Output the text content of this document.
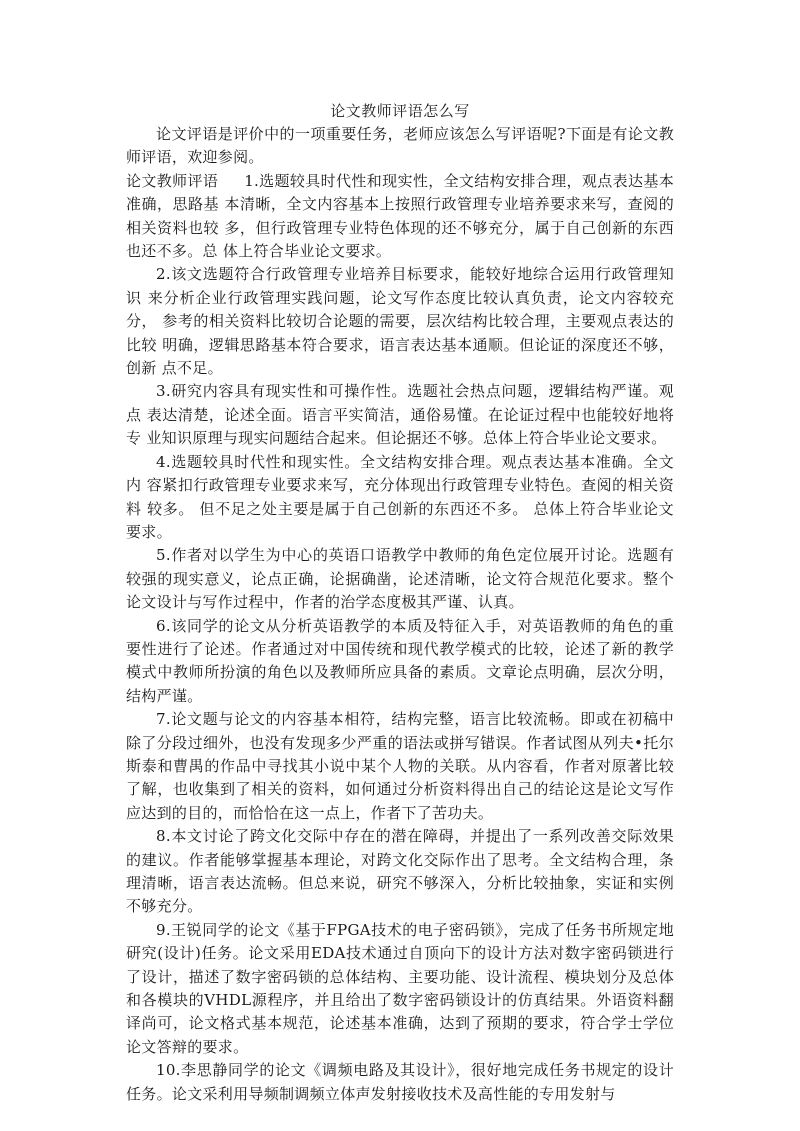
论文教师评语怎么写

论文评语是评价中的一项重要任务，老师应该怎么写评语呢?下面是有论文教师评语，欢迎参阅。

论文教师评语 1.选题较具时代性和现实性，全文结构安排合理，观点表达基本准确，思路基 本清晰，全文内容基本上按照行政管理专业培养要求来写，查阅的相关资料也较 多，但行政管理专业特色体现的还不够充分，属于自己创新的东西也还不多。总 体上符合毕业论文要求。

2.该文选题符合行政管理专业培养目标要求，能较好地综合运用行政管理知识 来分析企业行政管理实践问题，论文写作态度比较认真负责，论文内容较充分， 参考的相关资料比较切合论题的需要，层次结构比较合理，主要观点表达的比较 明确，逻辑思路基本符合要求，语言表达基本通顺。但论证的深度还不够，创新 点不足。

3.研究内容具有现实性和可操作性。选题社会热点问题，逻辑结构严谨。观点 表达清楚，论述全面。语言平实简洁，通俗易懂。在论证过程中也能较好地将专 业知识原理与现实问题结合起来。但论据还不够。总体上符合毕业论文要求。

4.选题较具时代性和现实性。全文结构安排合理。观点表达基本准确。全文内 容紧扣行政管理专业要求来写，充分体现出行政管理专业特色。查阅的相关资料 较多。 但不足之处主要是属于自己创新的东西还不多。 总体上符合毕业论文要求。

5.作者对以学生为中心的英语口语教学中教师的角色定位展开讨论。选题有较强的现实意义，论点正确，论据确凿，论述清晰，论文符合规范化要求。整个论文设计与写作过程中，作者的治学态度极其严谨、认真。

6.该同学的论文从分析英语教学的本质及特征入手，对英语教师的角色的重要性进行了论述。作者通过对中国传统和现代教学模式的比较，论述了新的教学模式中教师所扮演的角色以及教师所应具备的素质。文章论点明确，层次分明，结构严谨。

7.论文题与论文的内容基本相符，结构完整，语言比较流畅。即或在初稿中除了分段过细外，也没有发现多少严重的语法或拼写错误。作者试图从列夫•托尔斯泰和曹禺的作品中寻找其小说中某个人物的关联。从内容看，作者对原著比较了解，也收集到了相关的资料，如何通过分析资料得出自己的结论这是论文写作应达到的目的，而恰恰在这一点上，作者下了苦功夫。

8.本文讨论了跨文化交际中存在的潜在障碍，并提出了一系列改善交际效果的建议。作者能够掌握基本理论，对跨文化交际作出了思考。全文结构合理，条理清晰，语言表达流畅。但总来说，研究不够深入，分析比较抽象，实证和实例不够充分。

9.王锐同学的论文《基于FPGA技术的电子密码锁》，完成了任务书所规定地研究(设计)任务。论文采用EDA技术通过自顶向下的设计方法对数字密码锁进行了设计，描述了数字密码锁的总体结构、主要功能、设计流程、模块划分及总体和各模块的VHDL源程序，并且给出了数字密码锁设计的仿真结果。外语资料翻译尚可，论文格式基本规范，论述基本准确，达到了预期的要求，符合学士学位论文答辩的要求。

10.李思静同学的论文《调频电路及其设计》，很好地完成任务书规定的设计任务。论文采利用导频制调频立体声发射接收技术及高性能的专用发射与
